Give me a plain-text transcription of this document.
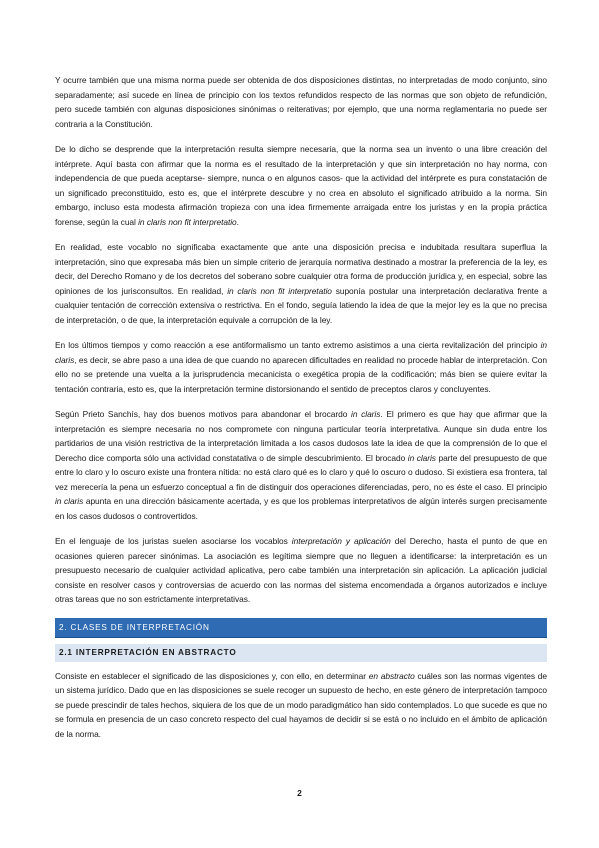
Y ocurre también que una misma norma puede ser obtenida de dos disposiciones distintas, no interpretadas de modo conjunto, sino separadamente; así sucede en línea de principio con los textos refundidos respecto de las normas que son objeto de refundición, pero sucede también con algunas disposiciones sinónimas o reiterativas; por ejemplo, que una norma reglamentaria no puede ser contraria a la Constitución.

De lo dicho se desprende que la interpretación resulta siempre necesaria, que la norma sea un invento o una libre creación del intérprete. Aquí basta con afirmar que la norma es el resultado de la interpretación y que sin interpretación no hay norma, con independencia de que pueda aceptarse- siempre, nunca o en algunos casos- que la actividad del intérprete es pura constatación de un significado preconstituido, esto es, que el intérprete descubre y no crea en absoluto el significado atribuido a la norma. Sin embargo, incluso esta modesta afirmación tropieza con una idea firmemente arraigada entre los juristas y en la propia práctica forense, según la cual in claris non fit interpretatio.

En realidad, este vocablo no significaba exactamente que ante una disposición precisa e indubitada resultara superflua la interpretación, sino que expresaba más bien un simple criterio de jerarquía normativa destinado a mostrar la preferencia de la ley, es decir, del Derecho Romano y de los decretos del soberano sobre cualquier otra forma de producción jurídica y, en especial, sobre las opiniones de los jurisconsultos. En realidad, in claris non fit interpretatio suponía postular una interpretación declarativa frente a cualquier tentación de corrección extensiva o restrictiva. En el fondo, seguía latiendo la idea de que la mejor ley es la que no precisa de interpretación, o de que, la interpretación equivale a corrupción de la ley.

En los últimos tiempos y como reacción a ese antiformalismo un tanto extremo asistimos a una cierta revitalización del principio in claris, es decir, se abre paso a una idea de que cuando no aparecen dificultades en realidad no procede hablar de interpretación. Con ello no se pretende una vuelta a la jurisprudencia mecanicista o exegética propia de la codificación; más bien se quiere evitar la tentación contraria, esto es, que la interpretación termine distorsionando el sentido de preceptos claros y concluyentes.

Según Prieto Sanchís, hay dos buenos motivos para abandonar el brocardo in claris. El primero es que hay que afirmar que la interpretación es siempre necesaria no nos compromete con ninguna particular teoría interpretativa. Aunque sin duda entre los partidarios de una visión restrictiva de la interpretación limitada a los casos dudosos late la idea de que la comprensión de lo que el Derecho dice comporta sólo una actividad constatativa o de simple descubrimiento. El brocado in claris parte del presupuesto de que entre lo claro y lo oscuro existe una frontera nítida: no está claro qué es lo claro y qué lo oscuro o dudoso. Si existiera esa frontera, tal vez merecería la pena un esfuerzo conceptual a fin de distinguir dos operaciones diferenciadas, pero, no es éste el caso. El principio in claris apunta en una dirección básicamente acertada, y es que los problemas interpretativos de algún interés surgen precisamente en los casos dudosos o controvertidos.

En el lenguaje de los juristas suelen asociarse los vocablos interpretación y aplicación del Derecho, hasta el punto de que en ocasiones quieren parecer sinónimas. La asociación es legítima siempre que no lleguen a identificarse: la interpretación es un presupuesto necesario de cualquier actividad aplicativa, pero cabe también una interpretación sin aplicación. La aplicación judicial consiste en resolver casos y controversias de acuerdo con las normas del sistema encomendada a órganos autorizados e incluye otras tareas que no son estrictamente interpretativas.

2. CLASES DE INTERPRETACIÓN
2.1 INTERPRETACIÓN EN ABSTRACTO

Consiste en establecer el significado de las disposiciones y, con ello, en determinar en abstracto cuáles son las normas vigentes de un sistema jurídico. Dado que en las disposiciones se suele recoger un supuesto de hecho, en este género de interpretación tampoco se puede prescindir de tales hechos, siquiera de los que de un modo paradigmático han sido contemplados. Lo que sucede es que no se formula en presencia de un caso concreto respecto del cual hayamos de decidir si se está o no incluido en el ámbito de aplicación de la norma.

2
